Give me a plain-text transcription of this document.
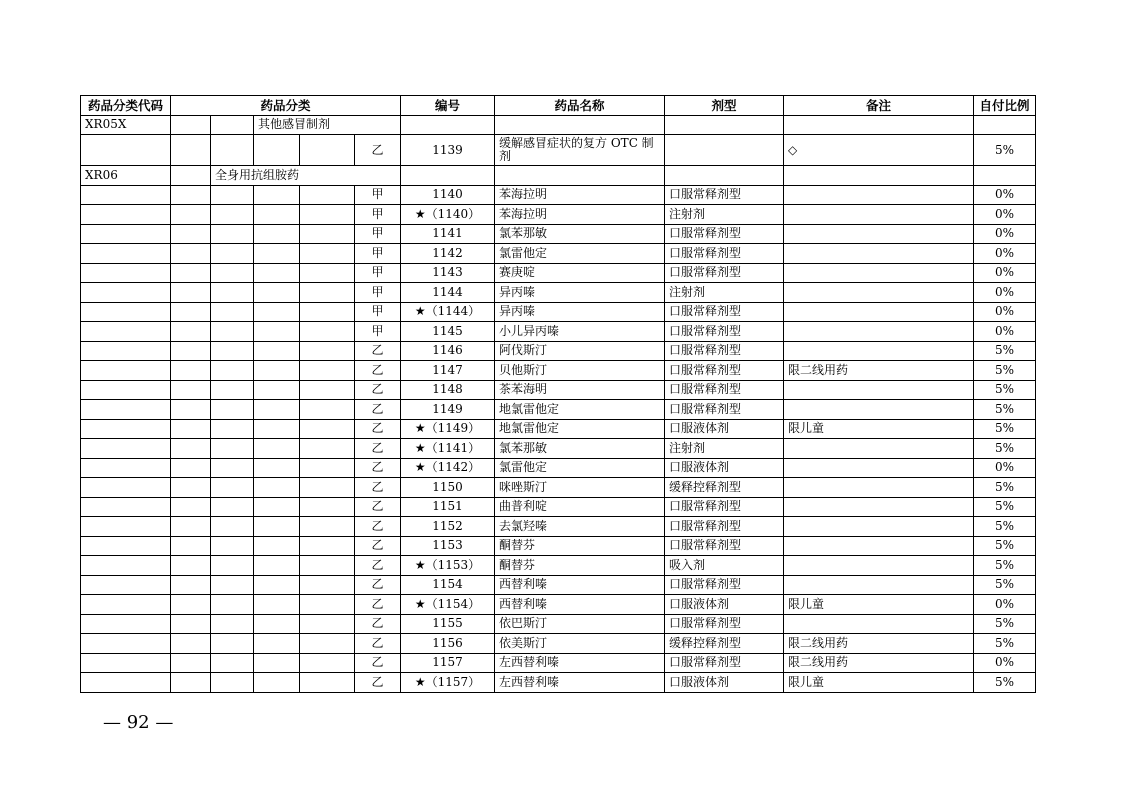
药品分类代码	药品分类					编号	药品名称	剂型	备注	自付比例
XR05X			其他感冒制剂							
					乙	1139	缓解感冒症状的复方 OTC 制剂		◇	5%
XR06		全身用抗组胺药								
					甲	1140	苯海拉明	口服常释剂型		0%
					甲	★（1140）	苯海拉明	注射剂		0%
					甲	1141	氯苯那敏	口服常释剂型		0%
					甲	1142	氯雷他定	口服常释剂型		0%
					甲	1143	赛庚啶	口服常释剂型		0%
					甲	1144	异丙嗪	注射剂		0%
					甲	★（1144）	异丙嗪	口服常释剂型		0%
					甲	1145	小儿异丙嗪	口服常释剂型		0%
					乙	1146	阿伐斯汀	口服常释剂型		5%
					乙	1147	贝他斯汀	口服常释剂型	限二线用药	5%
					乙	1148	茶苯海明	口服常释剂型		5%
					乙	1149	地氯雷他定	口服常释剂型		5%
					乙	★（1149）	地氯雷他定	口服液体剂	限儿童	5%
					乙	★（1141）	氯苯那敏	注射剂		5%
					乙	★（1142）	氯雷他定	口服液体剂		0%
					乙	1150	咪唑斯汀	缓释控释剂型		5%
					乙	1151	曲普利啶	口服常释剂型		5%
					乙	1152	去氯羟嗪	口服常释剂型		5%
					乙	1153	酮替芬	口服常释剂型		5%
					乙	★（1153）	酮替芬	吸入剂		5%
					乙	1154	西替利嗪	口服常释剂型		5%
					乙	★（1154）	西替利嗪	口服液体剂	限儿童	0%
					乙	1155	依巴斯汀	口服常释剂型		5%
					乙	1156	依美斯汀	缓释控释剂型	限二线用药	5%
					乙	1157	左西替利嗪	口服常释剂型	限二线用药	0%
					乙	★（1157）	左西替利嗪	口服液体剂	限儿童	5%
— 92 —
